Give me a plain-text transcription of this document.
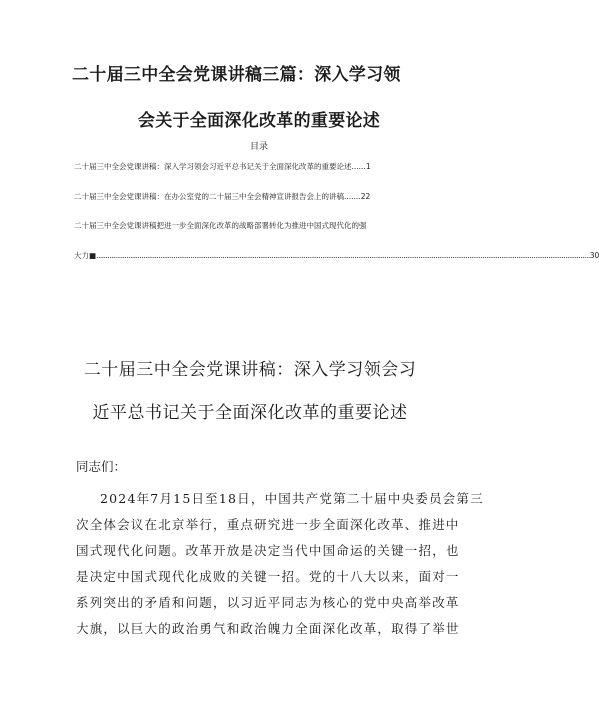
二十届三中全会党课讲稿三篇：深入学习领
会关于全面深化改革的重要论述
目录
二十届三中全会党课讲稿：深入学习领会习近平总书记关于全面深化改革的重要论述......1
二十届三中全会党课讲稿：在办公室党的二十届三中全会精神宣讲报告会上的讲稿.......22
二十届三中全会党课讲稿把进一步全面深化改革的战略部署转化为推进中国式现代化的强
大力■ ...................................................................................................................................................................................................................................................................... 30
二十届三中全会党课讲稿：深入学习领会习
近平总书记关于全面深化改革的重要论述
同志们：
2024年7月15日至18日，中国共产党第二十届中央委员会第三
次全体会议在北京举行，重点研究进一步全面深化改革、推进中
国式现代化问题。改革开放是决定当代中国命运的关键一招，也
是决定中国式现代化成败的关键一招。党的十八大以来，面对一
系列突出的矛盾和问题，以习近平同志为核心的党中央高举改革
大旗，以巨大的政治勇气和政治魄力全面深化改革，取得了举世
